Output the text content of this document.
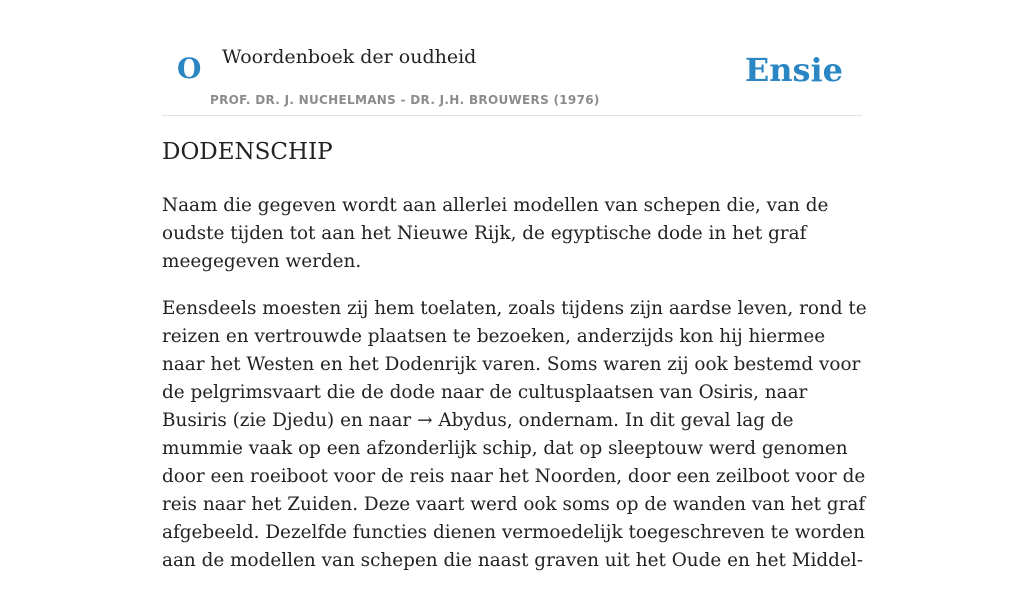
O Woordenboek der oudheid
PROF. DR. J. NUCHELMANS - DR. J.H. BROUWERS (1976)
Ensie
DODENSCHIP

Naam die gegeven wordt aan allerlei modellen van schepen die, van de oudste tijden tot aan het Nieuwe Rijk, de egyptische dode in het graf meegegeven werden.

Eensdeels moesten zij hem toelaten, zoals tijdens zijn aardse leven, rond te reizen en vertrouwde plaatsen te bezoeken, anderzijds kon hij hiermee naar het Westen en het Dodenrijk varen. Soms waren zij ook bestemd voor de pelgrimsvaart die de dode naar de cultusplaatsen van Osiris, naar Busiris (zie Djedu) en naar → Abydus, ondernam. In dit geval lag de mummie vaak op een afzonderlijk schip, dat op sleeptouw werd genomen door een roeiboot voor de reis naar het Noorden, door een zeilboot voor de reis naar het Zuiden. Deze vaart werd ook soms op de wanden van het graf afgebeeld. Dezelfde functies dienen vermoedelijk toegeschreven te worden aan de modellen van schepen die naast graven uit het Oude en het Middel-
